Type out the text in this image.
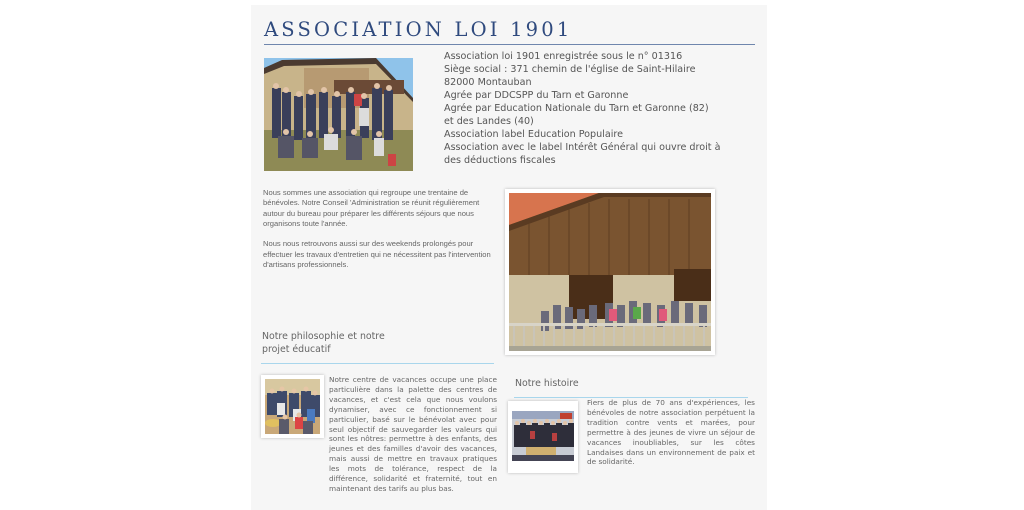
ASSOCIATION LOI 1901
Association loi 1901 enregistrée sous le n° 01316
Siège social : 371 chemin de l'église de Saint-Hilaire
82000 Montauban
Agrée par DDCSPP du Tarn et Garonne
Agrée par Education Nationale du Tarn et Garonne (82)
et des Landes (40)
Association label Education Populaire
Association avec le label Intérêt Général qui ouvre droit à
des déductions fiscales

Nous sommes une association qui regroupe une trentaine de bénévoles. Notre Conseil 'Administration se réunit régulièrement autour du bureau pour préparer les différents séjours que nous organisons toute l'année.

Nous nous retrouvons aussi sur des weekends prolongés pour effectuer les travaux d'entretien qui ne nécessitent pas l'intervention d'artisans professionnels.

Notre philosophie et notre
projet éducatif
Notre centre de vacances occupe une place particulière dans la palette des centres de vacances, et c'est cela que nous voulons dynamiser, avec ce fonctionnement si particulier, basé sur le bénévolat avec pour seul objectif de sauvegarder les valeurs qui sont les nôtres: permettre à des enfants, des jeunes et des familles d'avoir des vacances, mais aussi de mettre en travaux pratiques les mots de tolérance, respect de la différence, solidarité et fraternité, tout en maintenant des tarifs au plus bas.
Notre histoire
Fiers de plus de 70 ans d'expériences, les bénévoles de notre association perpétuent la tradition contre vents et marées, pour permettre à des jeunes de vivre un séjour de vacances inoubliables, sur les côtes Landaises dans un environnement de paix et de solidarité.
